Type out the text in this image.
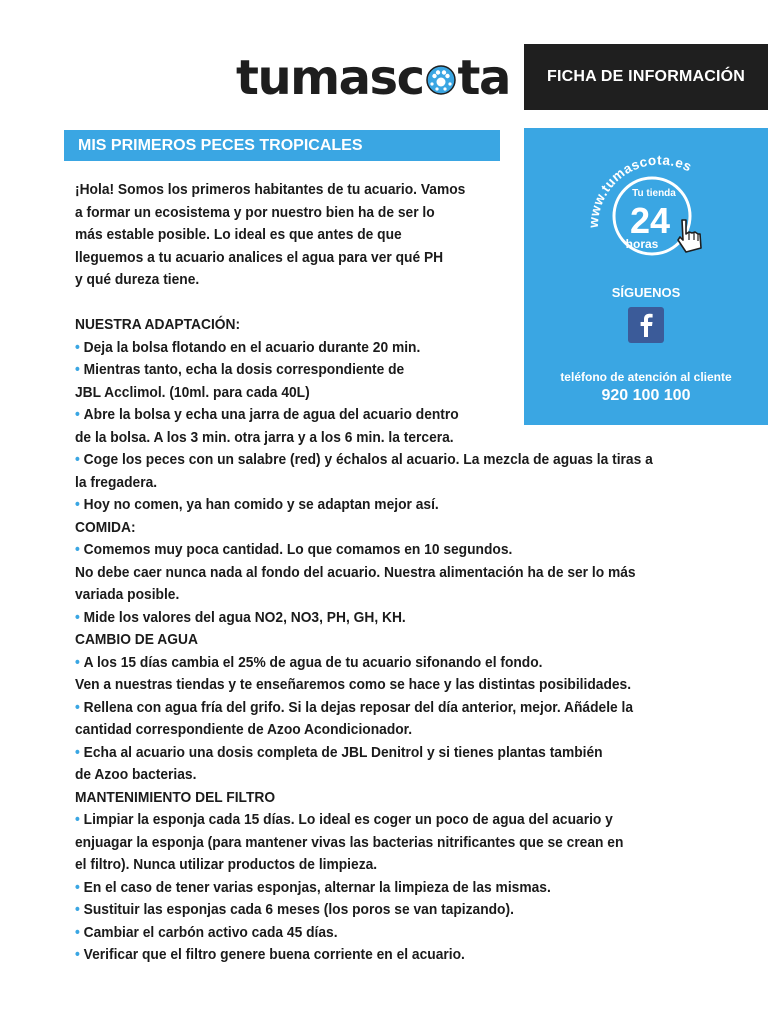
tumasc ta	FICHA DE INFORMACIÓN
MIS PRIMEROS PECES TROPICALES
www.tumascota.es
Tu tienda
24
horas
SÍGUENOS
teléfono de atención al cliente
920 100 100

¡Hola! Somos los primeros habitantes de tu acuario. Vamos

a formar un ecosistema y por nuestro bien ha de ser lo

más estable posible. Lo ideal es que antes de que

lleguemos a tu acuario analices el agua para ver qué PH

y qué dureza tiene.

NUESTRA ADAPTACIÓN:

• Deja la bolsa flotando en el acuario durante 20 min.

• Mientras tanto, echa la dosis correspondiente de

JBL Acclimol. (10ml. para cada 40L)

• Abre la bolsa y echa una jarra de agua del acuario dentro

de la bolsa. A los 3 min. otra jarra y a los 6 min. la tercera.

• Coge los peces con un salabre (red) y échalos al acuario. La mezcla de aguas la tiras a

la fregadera.

• Hoy no comen, ya han comido y se adaptan mejor así.

COMIDA:

• Comemos muy poca cantidad. Lo que comamos en 10 segundos.

No debe caer nunca nada al fondo del acuario. Nuestra alimentación ha de ser lo más

variada posible.

• Mide los valores del agua NO2, NO3, PH, GH, KH.

CAMBIO DE AGUA

• A los 15 días cambia el 25% de agua de tu acuario sifonando el fondo.

Ven a nuestras tiendas y te enseñaremos como se hace y las distintas posibilidades.

• Rellena con agua fría del grifo. Si la dejas reposar del día anterior, mejor. Añádele la

cantidad correspondiente de Azoo Acondicionador.

• Echa al acuario una dosis completa de JBL Denitrol y si tienes plantas también

de Azoo bacterias.

MANTENIMIENTO DEL FILTRO

• Limpiar la esponja cada 15 días. Lo ideal es coger un poco de agua del acuario y

enjuagar la esponja (para mantener vivas las bacterias nitrificantes que se crean en

el filtro). Nunca utilizar productos de limpieza.

• En el caso de tener varias esponjas, alternar la limpieza de las mismas.

• Sustituir las esponjas cada 6 meses (los poros se van tapizando).

• Cambiar el carbón activo cada 45 días.

• Verificar que el filtro genere buena corriente en el acuario.
